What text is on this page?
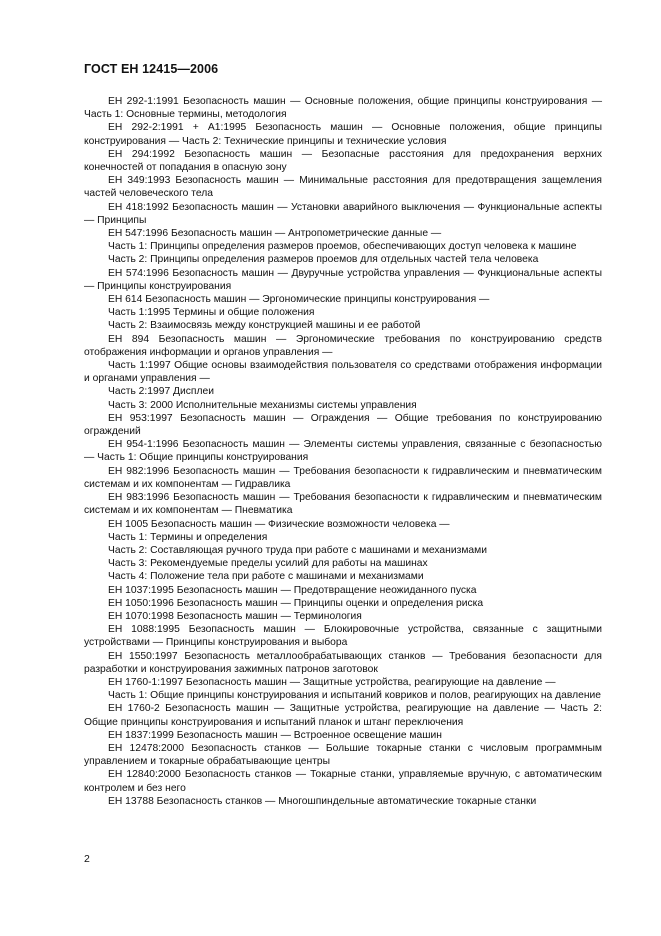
ГОСТ ЕН 12415—2006

ЕН 292-1:1991 Безопасность машин — Основные положения, общие принципы конструирования — Часть 1: Основные термины, методология

ЕН 292-2:1991 + А1:1995 Безопасность машин — Основные положения, общие принципы конструирования — Часть 2: Технические принципы и технические условия

ЕН 294:1992 Безопасность машин — Безопасные расстояния для предохранения верхних конечностей от попадания в опасную зону

ЕН 349:1993 Безопасность машин — Минимальные расстояния для предотвращения защемления частей человеческого тела

ЕН 418:1992 Безопасность машин — Установки аварийного выключения — Функциональные аспекты — Принципы

ЕН 547:1996 Безопасность машин — Антропометрические данные —

Часть 1: Принципы определения размеров проемов, обеспечивающих доступ человека к машине

Часть 2: Принципы определения размеров проемов для отдельных частей тела человека

ЕН 574:1996 Безопасность машин — Двуручные устройства управления — Функциональные аспекты — Принципы конструирования

ЕН 614 Безопасность машин — Эргономические принципы конструирования —

Часть 1:1995 Термины и общие положения

Часть 2: Взаимосвязь между конструкцией машины и ее работой

ЕН 894 Безопасность машин — Эргономические требования по конструированию средств отображения информации и органов управления —

Часть 1:1997 Общие основы взаимодействия пользователя со средствами отображения информации и органами управления —

Часть 2:1997 Дисплеи

Часть 3: 2000 Исполнительные механизмы системы управления

ЕН 953:1997 Безопасность машин — Ограждения — Общие требования по конструированию ограждений

ЕН 954-1:1996 Безопасность машин — Элементы системы управления, связанные с безопасностью — Часть 1: Общие принципы конструирования

ЕН 982:1996 Безопасность машин — Требования безопасности к гидравлическим и пневматическим системам и их компонентам — Гидравлика

ЕН 983:1996 Безопасность машин — Требования безопасности к гидравлическим и пневматическим системам и их компонентам — Пневматика

ЕН 1005 Безопасность машин — Физические возможности человека —

Часть 1: Термины и определения

Часть 2: Составляющая ручного труда при работе с машинами и механизмами

Часть 3: Рекомендуемые пределы усилий для работы на машинах

Часть 4: Положение тела при работе с машинами и механизмами

ЕН 1037:1995 Безопасность машин — Предотвращение неожиданного пуска

ЕН 1050:1996 Безопасность машин — Принципы оценки и определения риска

ЕН 1070:1998 Безопасность машин — Терминология

ЕН 1088:1995 Безопасность машин — Блокировочные устройства, связанные с защитными устройствами — Принципы конструирования и выбора

ЕН 1550:1997 Безопасность металлообрабатывающих станков — Требования безопасности для разработки и конструирования зажимных патронов заготовок

ЕН 1760-1:1997 Безопасность машин — Защитные устройства, реагирующие на давление —

Часть 1: Общие принципы конструирования и испытаний ковриков и полов, реагирующих на давление

ЕН 1760-2 Безопасность машин — Защитные устройства, реагирующие на давление — Часть 2: Общие принципы конструирования и испытаний планок и штанг переключения

ЕН 1837:1999 Безопасность машин — Встроенное освещение машин

ЕН 12478:2000 Безопасность станков — Большие токарные станки с числовым программным управлением и токарные обрабатывающие центры

ЕН 12840:2000 Безопасность станков — Токарные станки, управляемые вручную, с автоматическим контролем и без него

ЕН 13788 Безопасность станков — Многошпиндельные автоматические токарные станки

2
